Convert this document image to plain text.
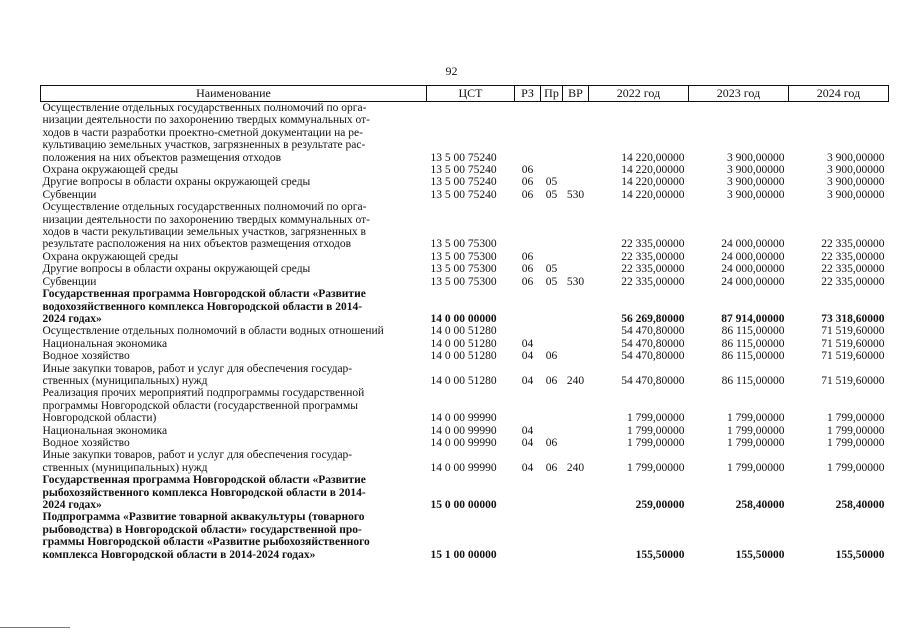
92
Наименование	ЦСТ	РЗ	Пр	ВР	2022 год	2023 год	2024 год
Осуществление отдельных государственных полномочий по орга-
низации деятельности по захоронению твердых коммунальных от-
ходов в части разработки проектно-сметной документации на ре-
культивацию земельных участков, загрязненных в результате рас-
положения на них объектов размещения отходов	13 5 00 75240				14 220,00000	3 900,00000	3 900,00000
Охрана окружающей среды	13 5 00 75240	06			14 220,00000	3 900,00000	3 900,00000
Другие вопросы в области охраны окружающей среды	13 5 00 75240	06	05		14 220,00000	3 900,00000	3 900,00000
Субвенции	13 5 00 75240	06	05	530	14 220,00000	3 900,00000	3 900,00000
Осуществление отдельных государственных полномочий по орга-
низации деятельности по захоронению твердых коммунальных от-
ходов в части рекультивации земельных участков, загрязненных в
результате расположения на них объектов размещения отходов	13 5 00 75300				22 335,00000	24 000,00000	22 335,00000
Охрана окружающей среды	13 5 00 75300	06			22 335,00000	24 000,00000	22 335,00000
Другие вопросы в области охраны окружающей среды	13 5 00 75300	06	05		22 335,00000	24 000,00000	22 335,00000
Субвенции	13 5 00 75300	06	05	530	22 335,00000	24 000,00000	22 335,00000
Государственная программа Новгородской области «Развитие
водохозяйственного комплекса Новгородской области в 2014-
2024 годах»	14 0 00 00000				56 269,80000	87 914,00000	73 318,60000
Осуществление отдельных полномочий в области водных отношений	14 0 00 51280				54 470,80000	86 115,00000	71 519,60000
Национальная экономика	14 0 00 51280	04			54 470,80000	86 115,00000	71 519,60000
Водное хозяйство	14 0 00 51280	04	06		54 470,80000	86 115,00000	71 519,60000
Иные закупки товаров, работ и услуг для обеспечения государ-
ственных (муниципальных) нужд	14 0 00 51280	04	06	240	54 470,80000	86 115,00000	71 519,60000
Реализация прочих мероприятий подпрограммы государственной
программы Новгородской области (государственной программы
Новгородской области)	14 0 00 99990				1 799,00000	1 799,00000	1 799,00000
Национальная экономика	14 0 00 99990	04			1 799,00000	1 799,00000	1 799,00000
Водное хозяйство	14 0 00 99990	04	06		1 799,00000	1 799,00000	1 799,00000
Иные закупки товаров, работ и услуг для обеспечения государ-
ственных (муниципальных) нужд	14 0 00 99990	04	06	240	1 799,00000	1 799,00000	1 799,00000
Государственная программа Новгородской области «Развитие
рыбохозяйственного комплекса Новгородской области в 2014-
2024 годах»	15 0 00 00000				259,00000	258,40000	258,40000
Подпрограмма «Развитие товарной аквакультуры (товарного
рыбоводства) в Новгородской области» государственной про-
граммы Новгородской области «Развитие рыбохозяйственного
комплекса Новгородской области в 2014-2024 годах»	15 1 00 00000				155,50000	155,50000	155,50000
